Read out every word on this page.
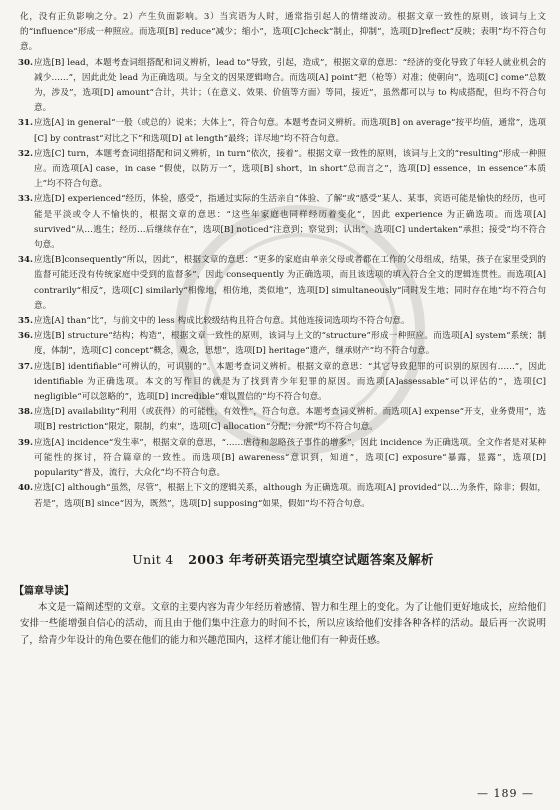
化，没有正负影响之分。2）产生负面影响。3）当宾语为人时，通常指引起人的情绪波动。根据文章一致性的原则，该词与上文的“influence”形成一种照应。而选项[B] reduce“减少；缩小”，选项[C]check“制止，抑制”，选项[D]reflect“反映；表明”均不符合句意。

30. 应选[B] lead，本题考查词组搭配和词义辨析，lead to“导致，引起，造成”，根据文章的意思：“经济的变化导致了年轻人就业机会的减少……”，因此此处 lead 为正确选项。与全文的因果逻辑吻合。而选项[A] point“把（枪等）对准；使朝向”，选项[C] come“总数为，涉及”，选项[D] amount“合计，共计；（在意义、效果、价值等方面）等同，接近”，虽然都可以与 to 构成搭配，但均不符合句意。
31. 应选[A] in general“一般（或总的）说来；大体上”，符合句意。本题考查词义辨析。而选项[B] on average“按平均值，通常”，选项[C] by contrast“对比之下”和选项[D] at length“最终；详尽地”均不符合句意。
32. 应选[C] turn，本题考查词组搭配和词义辨析，in turn“依次，接着”。根据文章一致性的原则，该词与上文的“resulting”形成一种照应。而选项[A] case，in case “假使，以防万一”，选项[B] short，in short“总而言之”，选项[D] essence，in essence“本质上”均不符合句意。
33. 应选[D] experienced“经历，体验，感受”，指通过实际的生活亲自“体验、了解”或“感受”某人、某事，宾语可能是愉快的经历，也可能是平淡或令人不愉快的，根据文章的意思：“这些年家庭也同样经历着变化”，因此 experience 为正确选项。而选项[A] survived“从…逃生；经历…后继续存在”，选项[B] noticed“注意到；察觉到；认出”，选项[C] undertaken“承担；接受”均不符合句意。
34. 应选[B]consequently“所以，因此”，根据文章的意思：“更多的家庭由单亲父母或者都在工作的父母组成，结果，孩子在家里受到的监督可能还没有传统家庭中受到的监督多”，因此 consequently 为正确选项，而且该选项的填入符合全文的逻辑连贯性。而选项[A] contrarily“相反”，选项[C] similarly“相像地，相仿地，类似地”，选项[D] simultaneously“同时发生地；同时存在地”均不符合句意。
35. 应选[A] than“比”，与前文中的 less 构成比较级结构且符合句意。其他连接词选项均不符合句意。
36. 应选[B] structure“结构；构造”，根据文章一致性的原则，该词与上文的“structure”形成一种照应。而选项[A] system“系统；制度，体制”，选项[C] concept“概念，观念，思想”，选项[D] heritage“遗产，继承财产”均不符合句意。
37. 应选[B] identifiable“可辨认的，可识别的”。本题考查词义辨析。根据文章的意思：“其它导致犯罪的可识别的原因有……”，因此 identifiable 为正确选项。本文的写作目的就是为了找到青少年犯罪的原因。而选项[A]assessable“可以评估的”，选项[C] negligible“可以忽略的”，选项[D] incredible“难以置信的”均不符合句意。
38. 应选[D] availability“利用（或获得）的可能性，有效性”，符合句意。本题考查词义辨析。而选项[A] expense“开支，业务费用”，选项[B] restriction“限定，限制，约束”，选项[C] allocation“分配；分派”均不符合句意。
39. 应选[A] incidence“发生率”，根据文章的意思，“……虐待和忽略孩子事件的增多”，因此 incidence 为正确选项。全文作者是对某种可能性的探讨，符合篇章的一致性。而选项[B] awareness“意识到，知道”，选项[C] exposure“暴露，显露”，选项[D] popularity“普及，流行，大众化”均不符合句意。
40. 应选[C] although“虽然，尽管”，根据上下文的逻辑关系，although 为正确选项。而选项[A] provided“以…为条件，除非；假如，若是”，选项[B] since“因为，既然”，选项[D] supposing“如果，假如”均不符合句意。
Unit 4 2003 年考研英语完型填空试题答案及解析
【篇章导读】

本文是一篇阐述型的文章。文章的主要内容为青少年经历着感情、智力和生理上的变化。为了让他们更好地成长，应给他们安排一些能增强自信心的活动，而且由于他们集中注意力的时间不长，所以应该给他们安排各种各样的活动。最后再一次说明了，给青少年设计的角色要在他们的能力和兴趣范围内，这样才能让他们有一种责任感。

— 189 —
